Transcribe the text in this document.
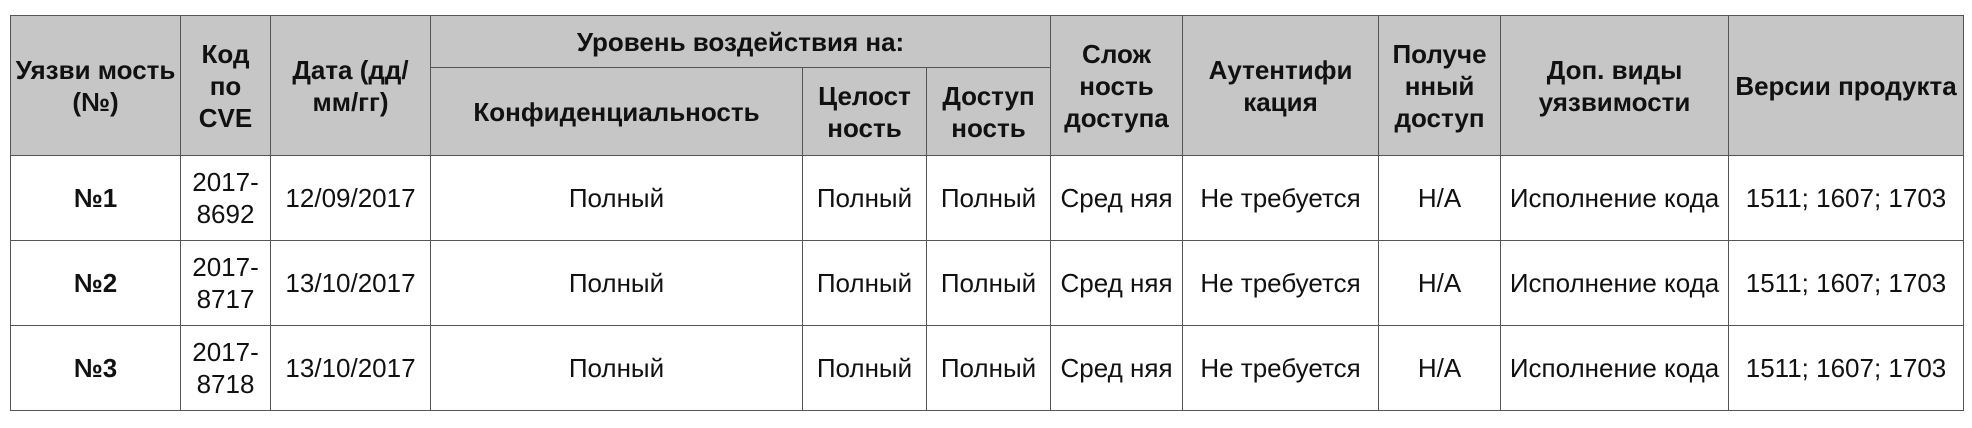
Уязви мость (№)	Код по CVE	Дата (дд/ мм/гг)	Уровень воздействия на:			Слож ность доступа	Аутентифи кация	Получе нный доступ	Доп. виды уязвимости	Версии продукта
			Конфиденциальность	Целост ность	Доступ ность					
№1	2017- 8692	12/09/2017	Полный	Полный	Полный	Сред няя	Не требуется	Н/А	Исполнение кода	1511; 1607; 1703
№2	2017- 8717	13/10/2017	Полный	Полный	Полный	Сред няя	Не требуется	Н/А	Исполнение кода	1511; 1607; 1703
№3	2017- 8718	13/10/2017	Полный	Полный	Полный	Сред няя	Не требуется	Н/А	Исполнение кода	1511; 1607; 1703
